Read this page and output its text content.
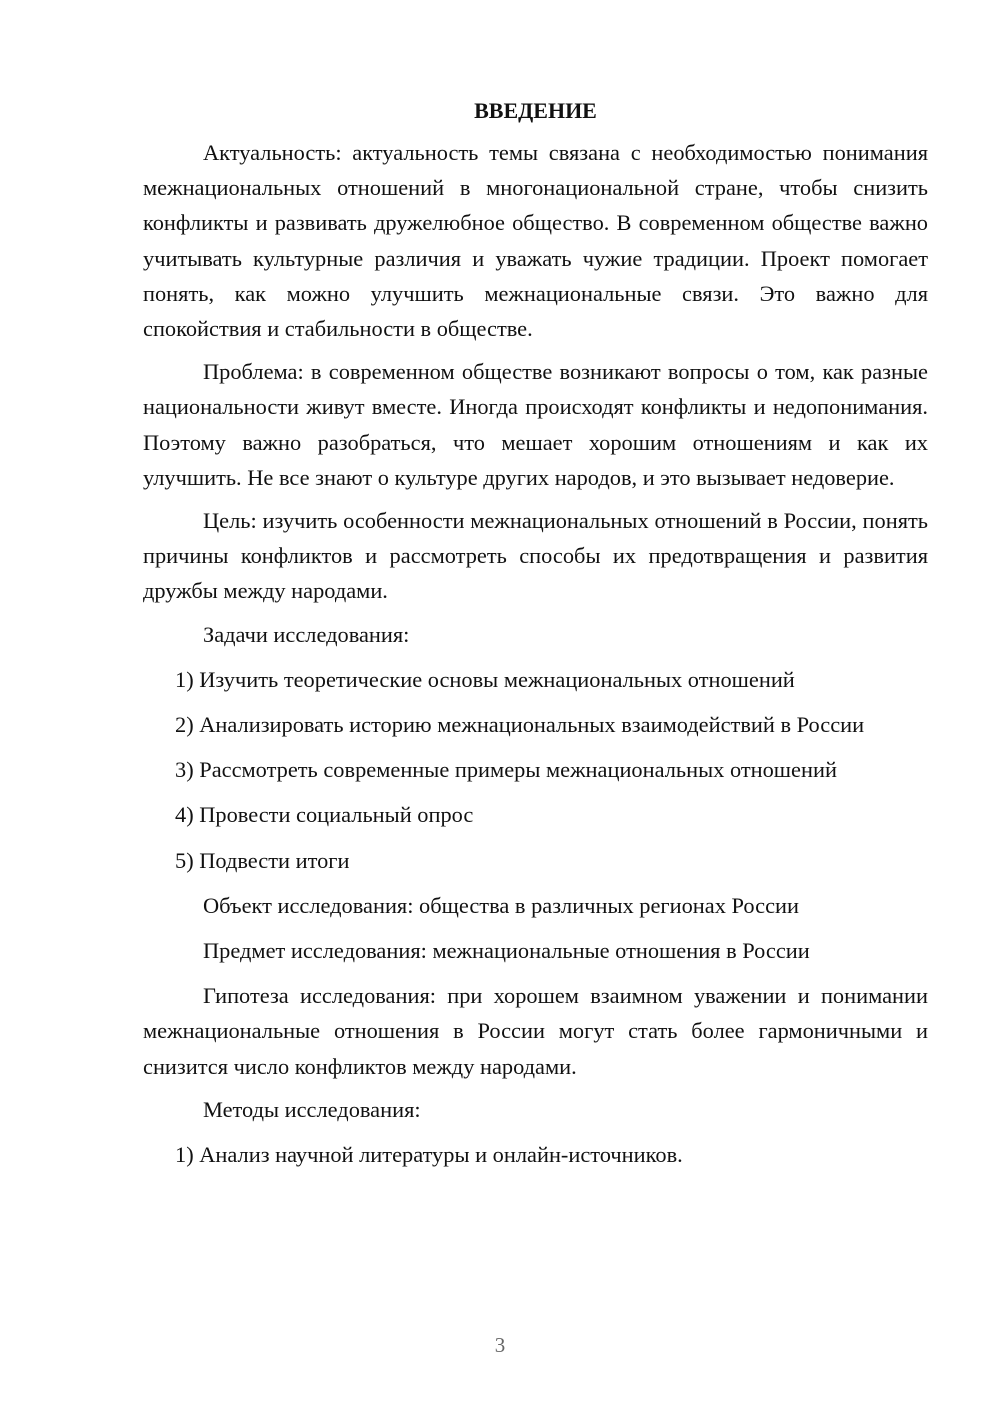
ВВЕДЕНИЕ
Актуальность: актуальность темы связана с необходимостью понимания межнациональных отношений в многонациональной стране, чтобы снизить конфликты и развивать дружелюбное общество. В современном обществе важно учитывать культурные различия и уважать чужие традиции. Проект помогает понять, как можно улучшить межнациональные связи. Это важно для спокойствия и стабильности в обществе.
Проблема: в современном обществе возникают вопросы о том, как разные национальности живут вместе. Иногда происходят конфликты и недопонимания. Поэтому важно разобраться, что мешает хорошим отношениям и как их улучшить. Не все знают о культуре других народов, и это вызывает недоверие.
Цель: изучить особенности межнациональных отношений в России, понять причины конфликтов и рассмотреть способы их предотвращения и развития дружбы между народами.
Задачи исследования:
1) Изучить теоретические основы межнациональных отношений
2) Анализировать историю межнациональных взаимодействий в России
3) Рассмотреть современные примеры межнациональных отношений
4) Провести социальный опрос
5) Подвести итоги
Объект исследования: общества в различных регионах России
Предмет исследования: межнациональные отношения в России
Гипотеза исследования: при хорошем взаимном уважении и понимании межнациональные отношения в России могут стать более гармоничными и снизится число конфликтов между народами.
Методы исследования:
1) Анализ научной литературы и онлайн-источников.
3
